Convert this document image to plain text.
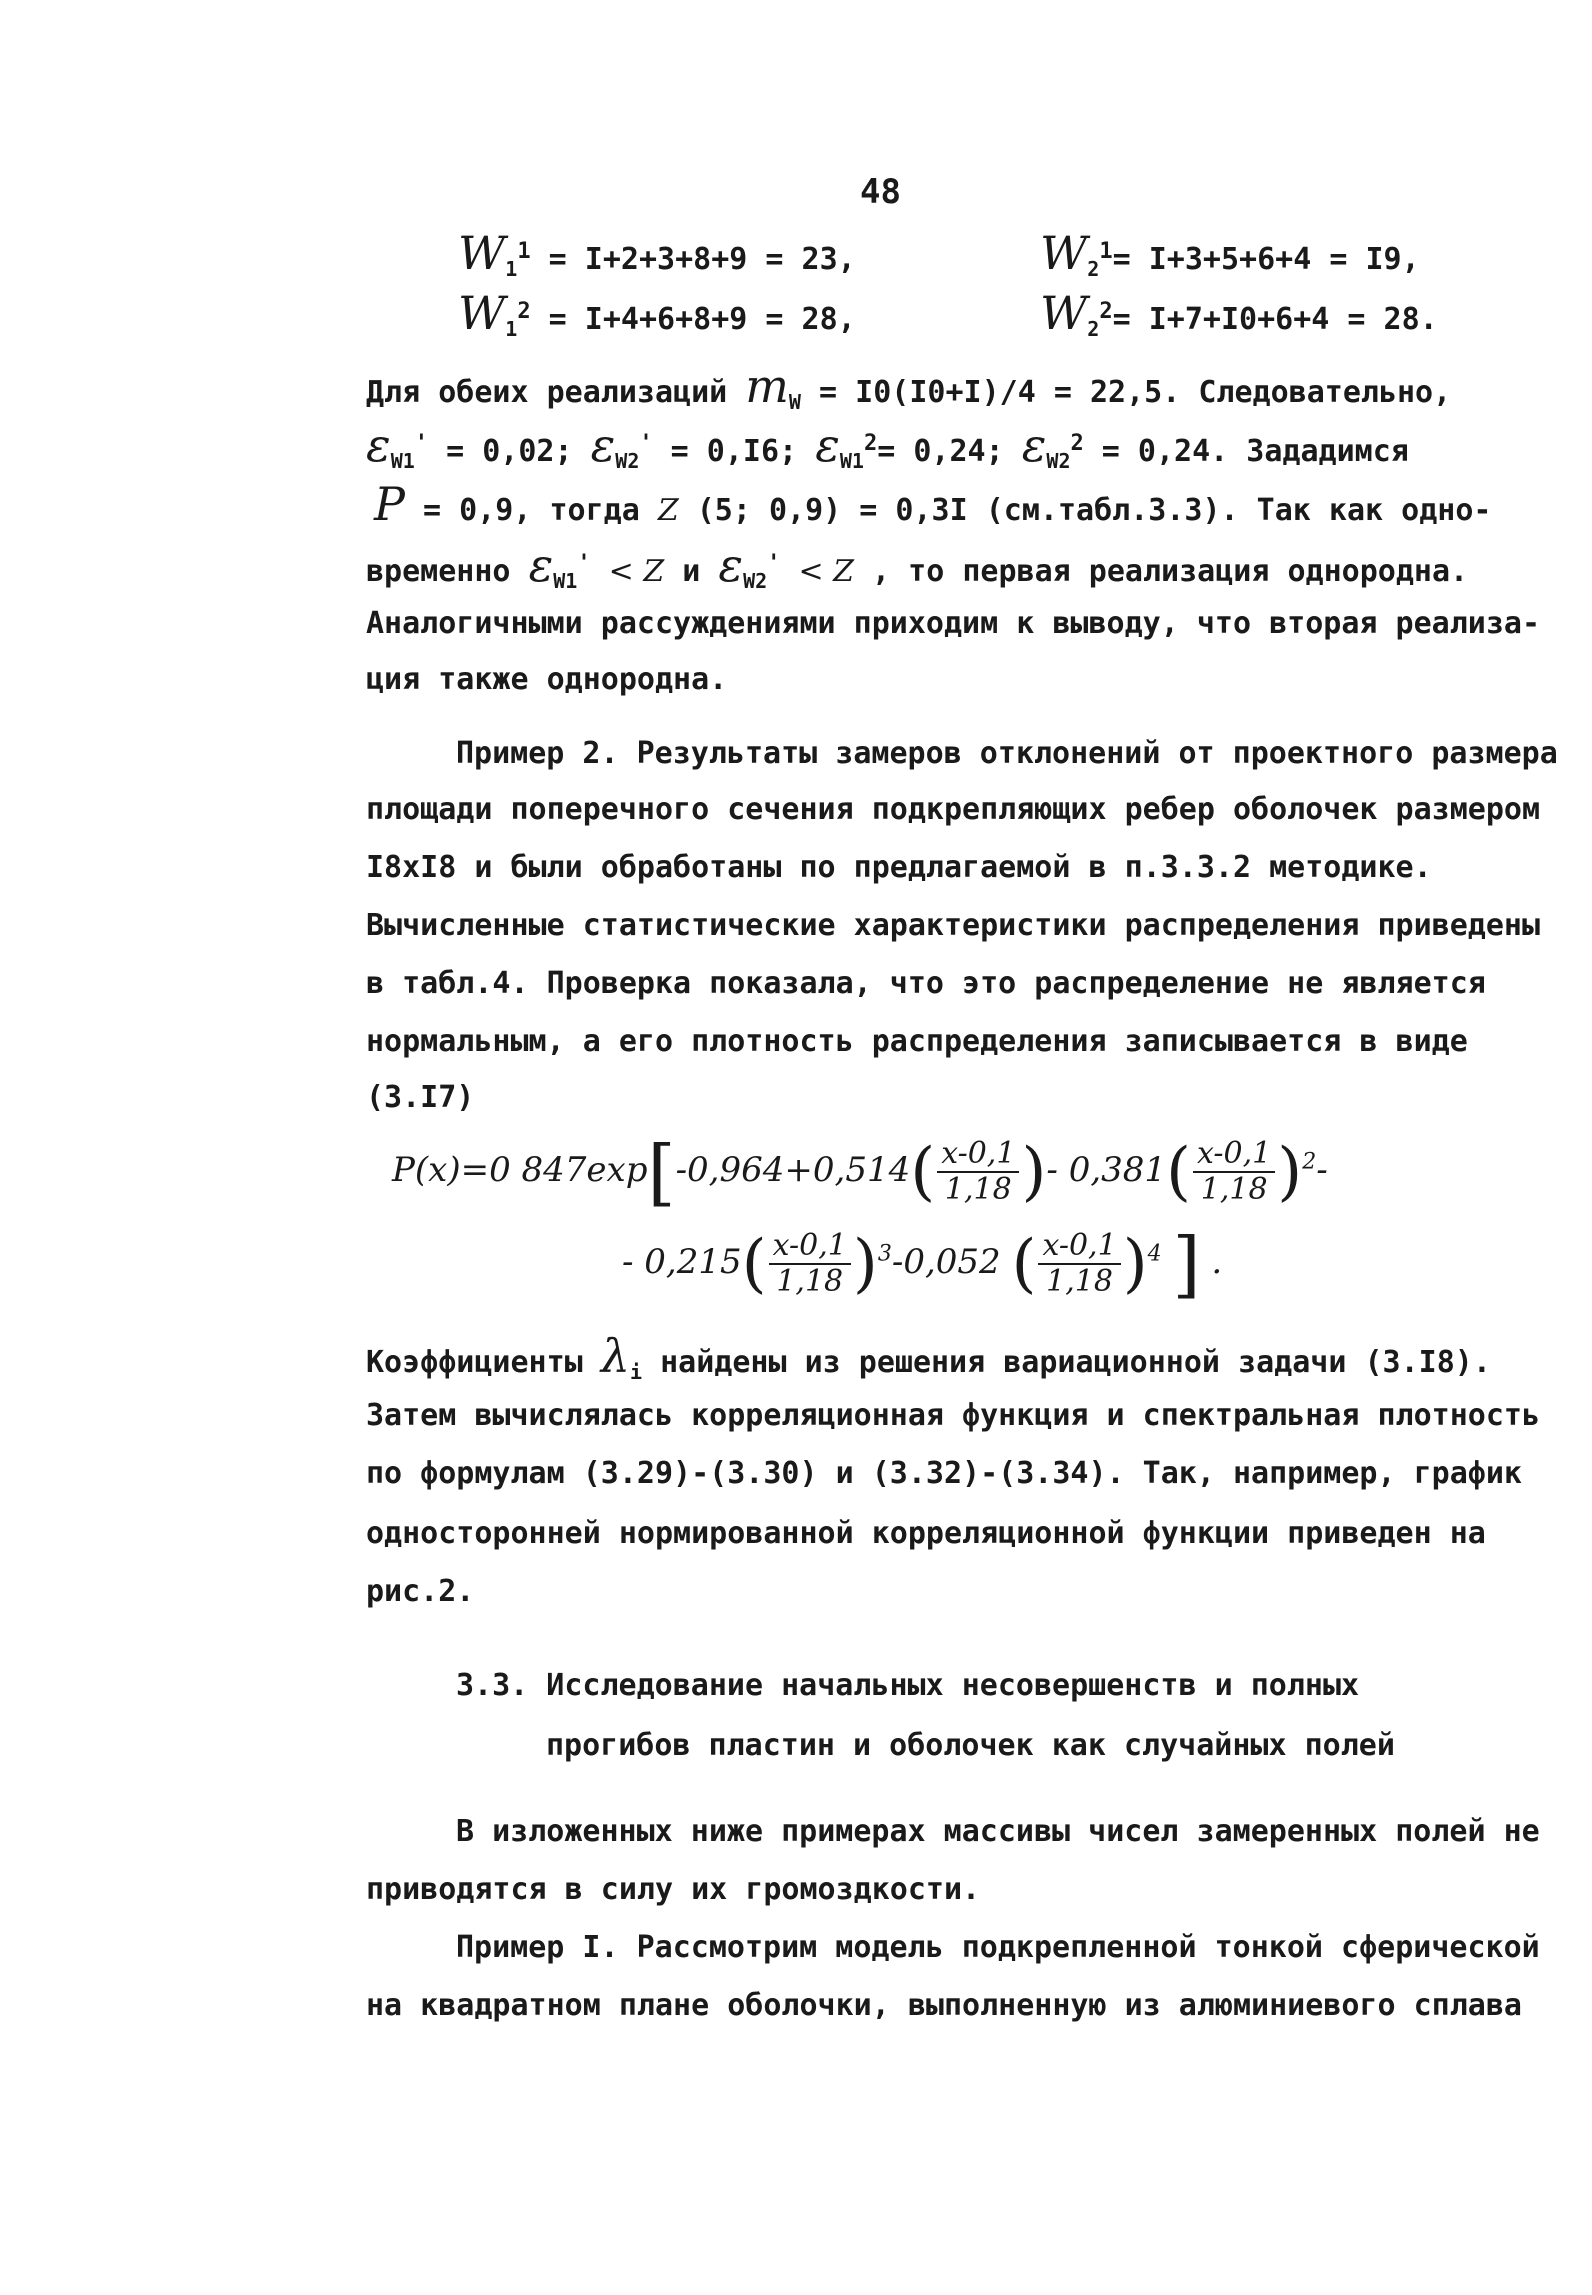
48
$W_1^1 = I+2+3+8+9 = 23$,	$W_2^1= I+3+5+6+4 = I9$,
$W_1^2 = I+4+6+8+9 = 28$,	$W_2^2= I+7+I0+6+4 = 28$.
Для обеих реализаций $m_W = I0(I0+I)/4 = 22,5$. Следовательно,
$\varepsilon_{W1}' = 0,02$; $\varepsilon_{W2}' = 0,I6$; $\varepsilon_{W1}^2= 0,24$; $\varepsilon_{W2}^2 = 0,24$. Зададимся
P = 0,9, тогда Z (5; 0,9) = 0,3I (см.табл.3.3). Так как одно-
временно $\varepsilon_{W1}' < Z$ и $\varepsilon_{W2}' < Z$ , то первая реализация однородна.
Аналогичными рассуждениями приходим к выводу, что вторая реализа-
ция также однородна.
Пример 2. Результаты замеров отклонений от проектного размера
площади поперечного сечения подкрепляющих ребер оболочек размером
I8xI8 и были обработаны по предлагаемой в п.3.3.2 методике.
Вычисленные статистические характеристики распределения приведены
в табл.4. Проверка показала, что это распределение не является
нормальным, а его плотность распределения записывается в виде
(3.I7)
P(x)=0 $847\exp[-0,964+0,514( \frac{x-0,1}{1,18}$ )- $0,381( \frac{x-0,1}{1,18} )^2-$
- $0,215( \frac{x-0,1}{1,18} )^3-0,052$ ( $\frac{x-0,1}{1,18} )^4$ ] .
Коэффициенты $\lambda_i$ найдены из решения вариационной задачи (3.I8).
Затем вычислялась корреляционная функция и спектральная плотность
по формулам (3.29)-(3.30) и (3.32)-(3.34). Так, например, график
односторонней нормированной корреляционной функции приведен на
рис.2.
3.3. Исследование начальных несовершенств и полных
прогибов пластин и оболочек как случайных полей
В изложенных ниже примерах массивы чисел замеренных полей не
приводятся в силу их громоздкости.
Пример I. Рассмотрим модель подкрепленной тонкой сферической
на квадратном плане оболочки, выполненную из алюминиевого сплава
